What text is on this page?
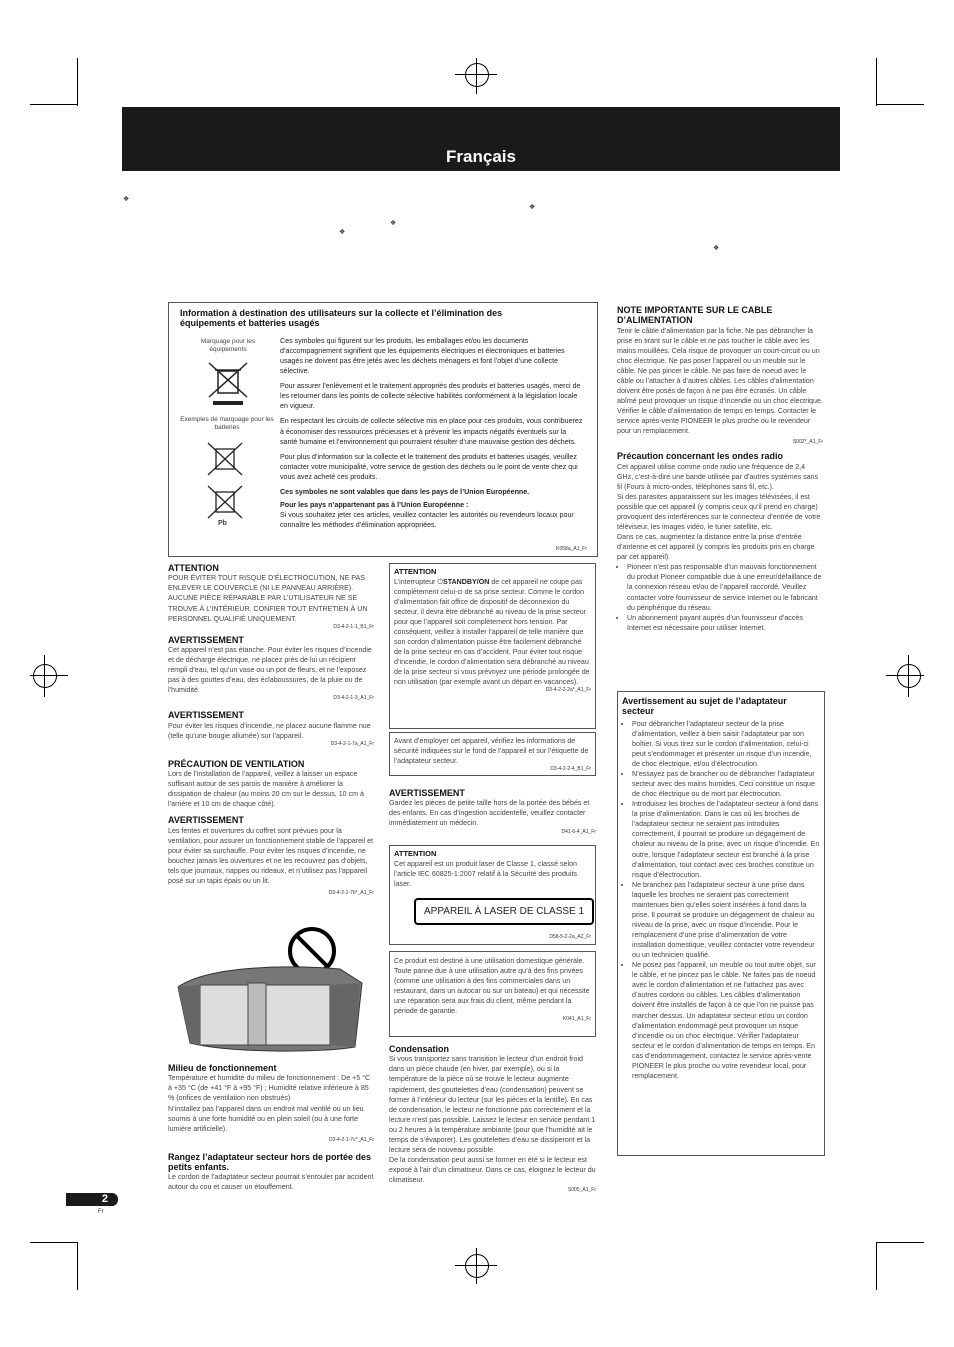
Français
❖
❖
❖
❖
❖
Information à destination des utilisateurs sur la collecte et l’élimination des équipements et batteries usagés
Marquage pour les équipements
Exemples de marquage pour les batteries
Pb
Ces symboles qui figurent sur les produits, les emballages et/ou les documents d’accompagnement signifient que les équipements électriques et électroniques et batteries usagés ne doivent pas être jetés avec les déchets ménagers et font l’objet d’une collecte sélective.
Pour assurer l’enlèvement et le traitement appropriés des produits et batteries usagés, merci de les retourner dans les points de collecte sélective habilités conformément à la législation locale en vigueur.
En respectant les circuits de collecte sélective mis en place pour ces produits, vous contribuerez à économiser des ressources précieuses et à prévenir les impacts négatifs éventuels sur la santé humaine et l’environnement qui pourraient résulter d’une mauvaise gestion des déchets.
Pour plus d’information sur la collecte et le traitement des produits et batteries usagés, veuillez contacter votre municipalité, votre service de gestion des déchets ou le point de vente chez qui vous avez acheté ces produits.
Ces symboles ne sont valables que dans les pays de l’Union Européenne.
Pour les pays n’appartenant pas à l’Union Européenne :
Si vous souhaitez jeter ces articles, veuillez contacter les autorités ou revendeurs locaux pour connaître les méthodes d’élimination appropriées.
K058a_A1_Fr
ATTENTION
POUR ÉVITER TOUT RISQUE D’ÉLECTROCUTION, NE PAS ENLEVER LE COUVERCLE (NI LE PANNEAU ARRIÈRE). AUCUNE PIÈCE RÉPARABLE PAR L’UTILISATEUR NE SE TROUVE À L’INTÉRIEUR. CONFIER TOUT ENTRETIEN À UN PERSONNEL QUALIFIÉ UNIQUEMENT.
D3-4-2-1-1_B1_Fr
AVERTISSEMENT
Cet appareil n’est pas étanche. Pour éviter les risques d’incendie et de décharge électrique, ne placez près de lui un récipient rempli d’eau, tel qu’un vase ou un pot de fleurs, et ne l’exposez pas à des gouttes d’eau, des éclaboussures, de la pluie ou de l’humidité.
D3-4-2-1-3_A1_Fr
AVERTISSEMENT
Pour éviter les risques d’incendie, ne placez aucune flamme nue (telle qu’une bougie allumée) sur l’appareil.
D3-4-2-1-7a_A1_Fr
PRÉCAUTION DE VENTILATION
Lors de l’installation de l’appareil, veillez à laisser un espace suffisant autour de ses parois de manière à améliorer la dissipation de chaleur (au moins 20 cm sur le dessus, 10 cm à l’arrière et 10 cm de chaque côté).
AVERTISSEMENT
Les fentes et ouvertures du coffret sont prévues pour la ventilation, pour assurer un fonctionnement stable de l’appareil et pour éviter sa surchauffe. Pour éviter les risques d’incendie, ne bouchez jamais les ouvertures et ne les recouvrez pas d’objets, tels que journaux, nappes ou rideaux, et n’utilisez pas l’appareil posé sur un tapis épais ou un lit.
D3-4-2-1-7b*_A1_Fr
Milieu de fonctionnement
Température et humidité du milieu de fonctionnement : De +5 °C à +35 °C (de +41 °F à +95 °F) ; Humidité relative inférieure à 85 % (orifices de ventilation non obstrués)
N’installez pas l’appareil dans un endroit mal ventilé ou un lieu soumis à une forte humidité ou en plein soleil (ou à une forte lumière artificielle).
D3-4-2-1-7c*_A1_Fr
Rangez l’adaptateur secteur hors de portée des petits enfants.
Le cordon de l’adaptateur secteur pourrait s’enrouler par accident autour du cou et causer un étouffement.
ATTENTION
L’interrupteur ⏻STANDBY/ON de cet appareil ne coupe pas complètement celui-ci de sa prise secteur. Comme le cordon d’alimentation fait office de dispositif de déconnexion du secteur, il devra être débranché au niveau de la prise secteur pour que l’appareil soit complètement hors tension. Par conséquent, veillez à installer l’appareil de telle manière que son cordon d’alimentation puisse être facilement débranché de la prise secteur en cas d’accident. Pour éviter tout risque d’incendie, le cordon d’alimentation sera débranché au niveau de la prise secteur si vous prévoyez une période prolongée de non utilisation (par exemple avant un départ en vacances).
D3-4-2-2-2a*_A1_Fr
Avant d’employer cet appareil, vérifiez les informations de sécurité indiquées sur le fond de l’appareil et sur l’étiquette de l’adaptateur secteur.
D3-4-2-2-4_B1_Fr
AVERTISSEMENT
Gardez les pièces de petite taille hors de la portée des bébés et des enfants. En cas d’ingestion accidentelle, veuillez contacter immédiatement un médecin.
D41-6-4_A1_Fr
ATTENTION
Cet appareil est un produit laser de Classe 1, classé selon l’article IEC 60825-1:2007 relatif à la Sécurité des produits laser.
APPAREIL À LASER DE CLASSE 1
D58-5-2-2a_A2_Fr
Ce produit est destiné à une utilisation domestique générale. Toute panne due à une utilisation autre qu’à des fins privées (comme une utilisation à des fins commerciales dans un restaurant, dans un autocar ou sur un bateau) et qui nécessite une réparation sera aux frais du client, même pendant la période de garantie.
K041_A1_Fr
Condensation
Si vous transportez sans transition le lecteur d’un endroit froid dans un pièce chaude (en hiver, par exemple), ou si la température de la pièce où se trouve le lecteur augmente rapidement, des gouttelettes d’eau (condensation) peuvent se former à l’intérieur du lecteur (sur les pièces et la lentille). En cas de condensation, le lecteur ne fonctionne pas correctement et la lecture n’est pas possible. Laissez le lecteur en service pendant 1 ou 2 heures à la température ambiante (pour que l’humidité ait le temps de s’évaporer). Les gouttelettes d’eau se dissiperont et la lecture sera de nouveau possible.
De la condensation peut aussi se former en été si le lecteur est exposé à l’air d’un climatiseur. Dans ce cas, éloignez le lecteur du climatiseur.
S005_A1_Fr
NOTE IMPORTANTE SUR LE CABLE D’ALIMENTATION
Tenir le câble d’alimentation par la fiche. Ne pas débrancher la prise en tirant sur le câble et ne pas toucher le câble avec les mains mouillées. Cela risque de provoquer un court-circuit ou un choc électrique. Ne pas poser l’appareil ou un meuble sur le câble. Ne pas pincer le câble. Ne pas faire de noeud avec le câble ou l’attacher à d’autres câbles. Les câbles d’alimentation doivent être posés de façon à ne pas être écrasés. Un câble abîmé peut provoquer un risque d’incendie ou un choc électrique. Vérifier le câble d’alimentation de temps en temps. Contacter le service après-vente PIONEER le plus proche ou le revendeur pour un remplacement.
S002*_A1_Fr
Précaution concernant les ondes radio
Cet appareil utilise comme onde radio une fréquence de 2,4 GHz, c’est-à-dire une bande utilisée par d’autres systèmes sans fil (Fours à micro-ondes, téléphones sans fil, etc.).
Si des parasites apparaissent sur les images télévisées, il est possible que cet appareil (y compris ceux qu’il prend en charge) provoquent des interférences sur le connecteur d’entrée de votre téléviseur, les images vidéo, le tuner satellite, etc.
Dans ce cas, augmentez la distance entre la prise d’entrée d’antenne et cet appareil (y compris les produits pris en charge par cet appareil).
• Pioneer n’est pas responsable d’un mauvais fonctionnement du produit Pioneer compatible due à une erreur/défaillance de la connexion réseau et/ou de l’appareil raccordé. Veuillez contacter votre fournisseur de service Internet ou le fabricant du périphérique du réseau.
• Un abonnement payant auprès d’un fournisseur d’accès Internet est nécessaire pour utiliser Internet.
Avertissement au sujet de l’adaptateur secteur
• Pour débrancher l’adaptateur secteur de la prise d’alimentation, veillez à bien saisir l’adaptateur par son boîtier. Si vous tirez sur le cordon d’alimentation, celui-ci peut s’endommager et présenter un risque d’un incendie, de choc électrique, et/ou d’électrocution.
• N’essayez pas de brancher ou de débrancher l’adaptateur secteur avec des mains humides. Ceci constitue un risque de choc électrique ou de mort par électrocution.
• Introduisez les broches de l’adaptateur secteur à fond dans la prise d’alimentation. Dans le cas où les broches de l’adaptateur secteur ne seraient pas introduites correctement, il pourrait se produire un dégagement de chaleur au niveau de la prise, avec un risque d’incendie. En outre, lorsque l’adaptateur secteur est branché à la prise d’alimentation, tout contact avec ces broches constitue un risque d’électrocution.
• Ne branchez pas l’adaptateur secteur à une prise dans laquelle les broches ne seraient pas correctement maintenues bien qu’elles soient insérées à fond dans la prise. Il pourrait se produire un dégagement de chaleur au niveau de la prise, avec un risque d’incendie. Pour le remplacement d’une prise d’alimentation de votre installation domestique, veuillez contacter votre revendeur ou un technicien qualifié.
• Ne posez pas l’appareil, un meuble ou tout autre objet, sur le câble, et ne pincez pas le câble. Ne faites pas de noeud avec le cordon d’alimentation et ne l’attachez pas avec d’autres cordons ou câbles. Les câbles d’alimentation doivent être installés de façon à ce que l’on ne puisse pas marcher dessus. Un adaptateur secteur et/ou un cordon d’alimentation endommagé peut provoquer un risque d’incendie ou un choc électrique. Vérifier l’adaptateur secteur et le cordon d’alimentation de temps en temps. En cas d’endommagement, contactez le service après-vente PIONEER le plus proche ou votre revendeur local, pour remplacement.
2
Fr
